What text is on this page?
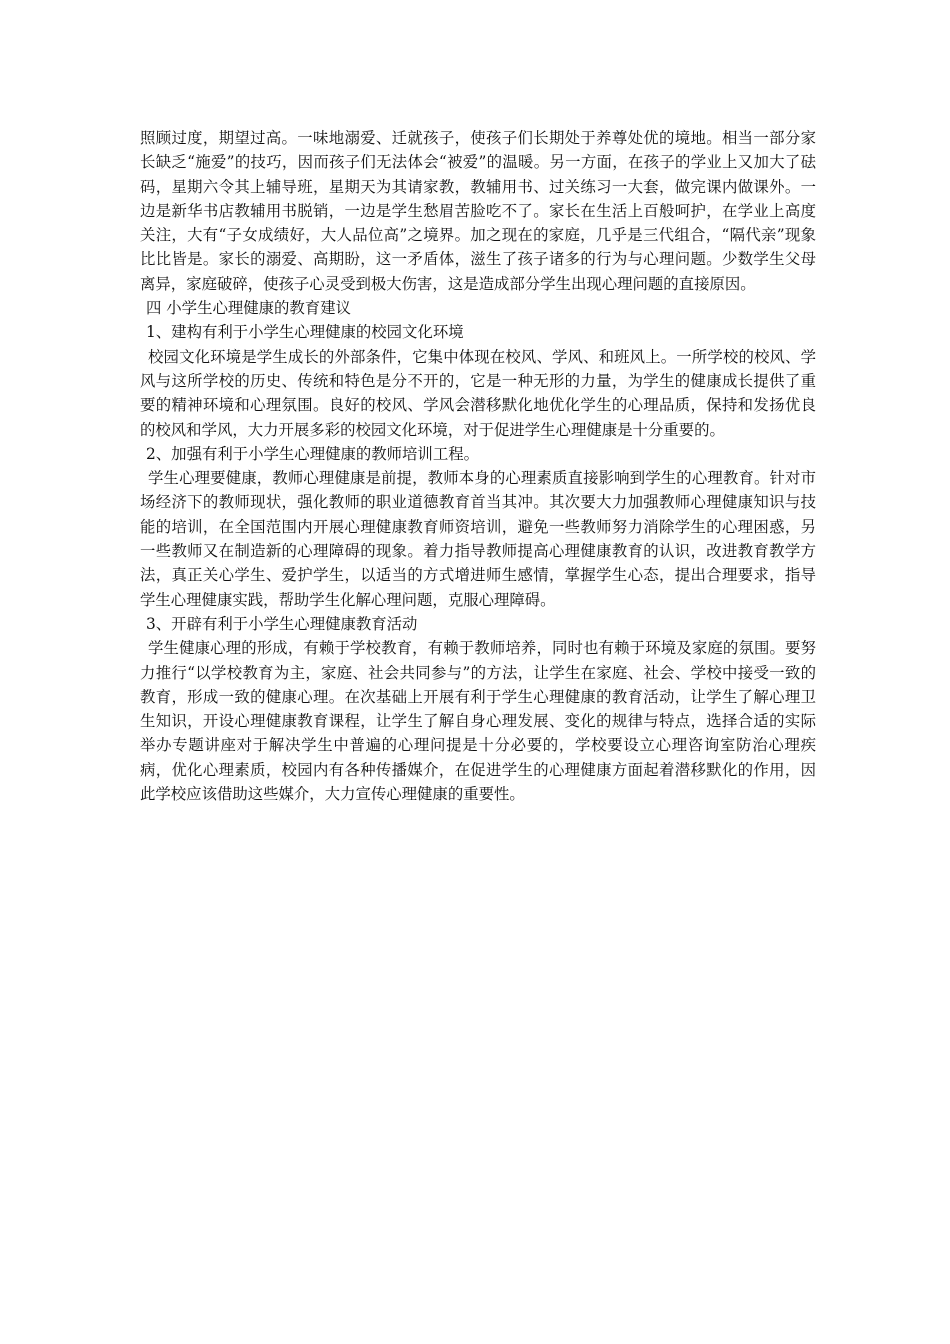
照顾过度，期望过高。一味地溺爱、迁就孩子，使孩子们长期处于养尊处优的境地。相当一部分家长缺乏“施爱”的技巧，因而孩子们无法体会“被爱”的温暖。另一方面，在孩子的学业上又加大了砝码，星期六令其上辅导班，星期天为其请家教，教辅用书、过关练习一大套，做完课内做课外。一边是新华书店教辅用书脱销，一边是学生愁眉苦脸吃不了。家长在生活上百般呵护，在学业上高度关注，大有“子女成绩好，大人品位高”之境界。加之现在的家庭，几乎是三代组合，“隔代亲”现象比比皆是。家长的溺爱、高期盼，这一矛盾体，滋生了孩子诸多的行为与心理问题。少数学生父母离异，家庭破碎，使孩子心灵受到极大伤害，这是造成部分学生出现心理问题的直接原因。

四 小学生心理健康的教育建议

1、建构有利于小学生心理健康的校园文化环境

校园文化环境是学生成长的外部条件，它集中体现在校风、学风、和班风上。一所学校的校风、学风与这所学校的历史、传统和特色是分不开的，它是一种无形的力量，为学生的健康成长提供了重要的精神环境和心理氛围。良好的校风、学风会潜移默化地优化学生的心理品质，保持和发扬优良的校风和学风，大力开展多彩的校园文化环境，对于促进学生心理健康是十分重要的。

2、加强有利于小学生心理健康的教师培训工程。

学生心理要健康，教师心理健康是前提，教师本身的心理素质直接影响到学生的心理教育。针对市场经济下的教师现状，强化教师的职业道德教育首当其冲。其次要大力加强教师心理健康知识与技能的培训，在全国范围内开展心理健康教育师资培训，避免一些教师努力消除学生的心理困惑，另一些教师又在制造新的心理障碍的现象。着力指导教师提高心理健康教育的认识，改进教育教学方法，真正关心学生、爱护学生，以适当的方式增进师生感情，掌握学生心态，提出合理要求，指导学生心理健康实践，帮助学生化解心理问题，克服心理障碍。

3、开辟有利于小学生心理健康教育活动

学生健康心理的形成，有赖于学校教育，有赖于教师培养，同时也有赖于环境及家庭的氛围。要努力推行“以学校教育为主，家庭、社会共同参与”的方法，让学生在家庭、社会、学校中接受一致的教育，形成一致的健康心理。在次基础上开展有利于学生心理健康的教育活动，让学生了解心理卫生知识，开设心理健康教育课程，让学生了解自身心理发展、变化的规律与特点，选择合适的实际举办专题讲座对于解决学生中普遍的心理问提是十分必要的，学校要设立心理咨询室防治心理疾病，优化心理素质，校园内有各种传播媒介，在促进学生的心理健康方面起着潜移默化的作用，因此学校应该借助这些媒介，大力宣传心理健康的重要性。
